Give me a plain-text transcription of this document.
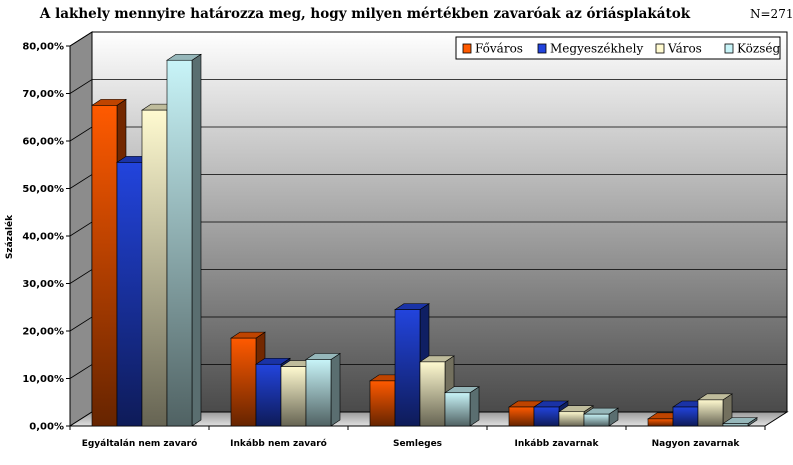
A lakhely mennyire határozza meg, hogy milyen mértékben zavaróak az óriásplakátok	N=271
Százalék
0,00%
10,00%
20,00%
30,00%
40,00%
50,00%
60,00%
70,00%
80,00%
Egyáltalán nem zavaró	Inkább nem zavaró	Semleges	Inkább zavarnak	Nagyon zavarnak
Főváros Megyeszékhely Város	Község
